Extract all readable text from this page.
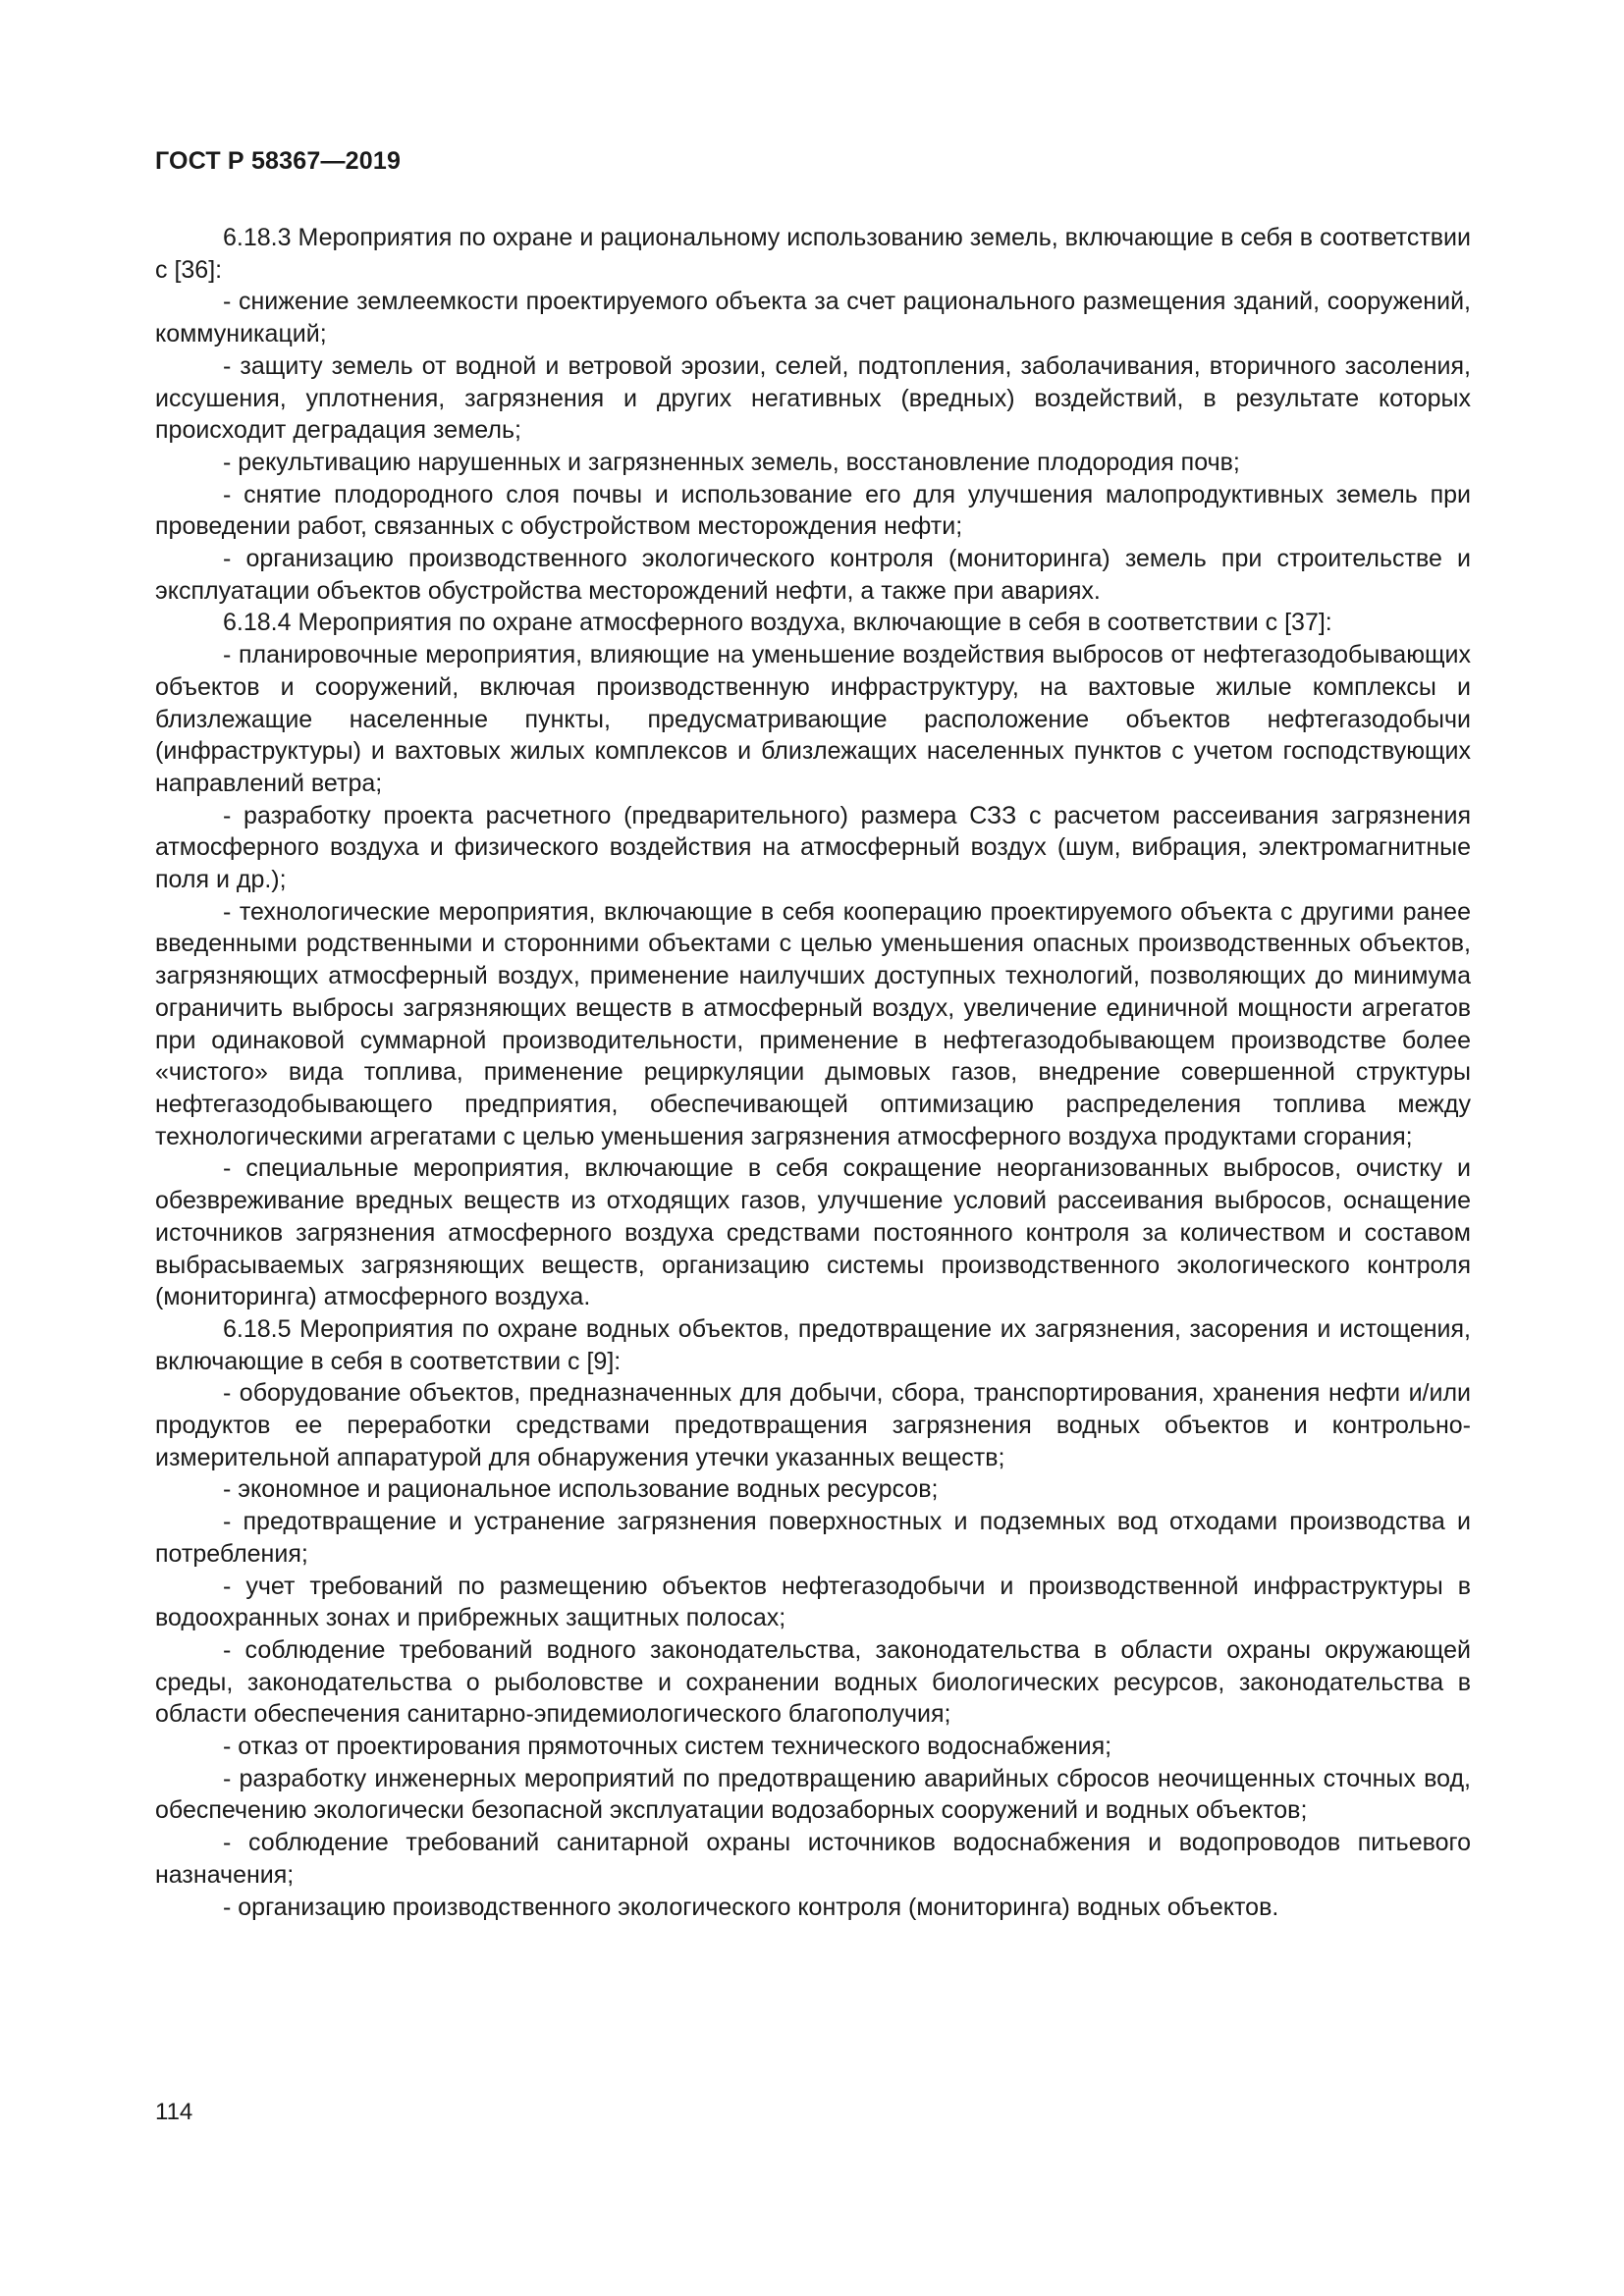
ГОСТ Р 58367—2019

6.18.3 Мероприятия по охране и рациональному использованию земель, включающие в себя в соответствии с [36]:

- снижение землеемкости проектируемого объекта за счет рационального размещения зданий, сооружений, коммуникаций;

- защиту земель от водной и ветровой эрозии, селей, подтопления, заболачивания, вторичного засоления, иссушения, уплотнения, загрязнения и других негативных (вредных) воздействий, в результате которых происходит деградация земель;

- рекультивацию нарушенных и загрязненных земель, восстановление плодородия почв;

- снятие плодородного слоя почвы и использование его для улучшения малопродуктивных земель при проведении работ, связанных с обустройством месторождения нефти;

- организацию производственного экологического контроля (мониторинга) земель при строительстве и эксплуатации объектов обустройства месторождений нефти, а также при авариях.

6.18.4 Мероприятия по охране атмосферного воздуха, включающие в себя в соответствии с [37]:

- планировочные мероприятия, влияющие на уменьшение воздействия выбросов от нефтегазодобывающих объектов и сооружений, включая производственную инфраструктуру, на вахтовые жилые комплексы и близлежащие населенные пункты, предусматривающие расположение объектов нефтегазодобычи (инфраструктуры) и вахтовых жилых комплексов и близлежащих населенных пунктов с учетом господствующих направлений ветра;

- разработку проекта расчетного (предварительного) размера СЗЗ с расчетом рассеивания загрязнения атмосферного воздуха и физического воздействия на атмосферный воздух (шум, вибрация, электромагнитные поля и др.);

- технологические мероприятия, включающие в себя кооперацию проектируемого объекта с другими ранее введенными родственными и сторонними объектами с целью уменьшения опасных производственных объектов, загрязняющих атмосферный воздух, применение наилучших доступных технологий, позволяющих до минимума ограничить выбросы загрязняющих веществ в атмосферный воздух, увеличение единичной мощности агрегатов при одинаковой суммарной производительности, применение в нефтегазодобывающем производстве более «чистого» вида топлива, применение рециркуляции дымовых газов, внедрение совершенной структуры нефтегазодобывающего предприятия, обеспечивающей оптимизацию распределения топлива между технологическими агрегатами с целью уменьшения загрязнения атмосферного воздуха продуктами сгорания;

- специальные мероприятия, включающие в себя сокращение неорганизованных выбросов, очистку и обезвреживание вредных веществ из отходящих газов, улучшение условий рассеивания выбросов, оснащение источников загрязнения атмосферного воздуха средствами постоянного контроля за количеством и составом выбрасываемых загрязняющих веществ, организацию системы производственного экологического контроля (мониторинга) атмосферного воздуха.

6.18.5 Мероприятия по охране водных объектов, предотвращение их загрязнения, засорения и истощения, включающие в себя в соответствии с [9]:

- оборудование объектов, предназначенных для добычи, сбора, транспортирования, хранения нефти и/или продуктов ее переработки средствами предотвращения загрязнения водных объектов и контрольно-измерительной аппаратурой для обнаружения утечки указанных веществ;

- экономное и рациональное использование водных ресурсов;

- предотвращение и устранение загрязнения поверхностных и подземных вод отходами производства и потребления;

- учет требований по размещению объектов нефтегазодобычи и производственной инфраструктуры в водоохранных зонах и прибрежных защитных полосах;

- соблюдение требований водного законодательства, законодательства в области охраны окружающей среды, законодательства о рыболовстве и сохранении водных биологических ресурсов, законодательства в области обеспечения санитарно-эпидемиологического благополучия;

- отказ от проектирования прямоточных систем технического водоснабжения;

- разработку инженерных мероприятий по предотвращению аварийных сбросов неочищенных сточных вод, обеспечению экологически безопасной эксплуатации водозаборных сооружений и водных объектов;

- соблюдение требований санитарной охраны источников водоснабжения и водопроводов питьевого назначения;

- организацию производственного экологического контроля (мониторинга) водных объектов.

114
